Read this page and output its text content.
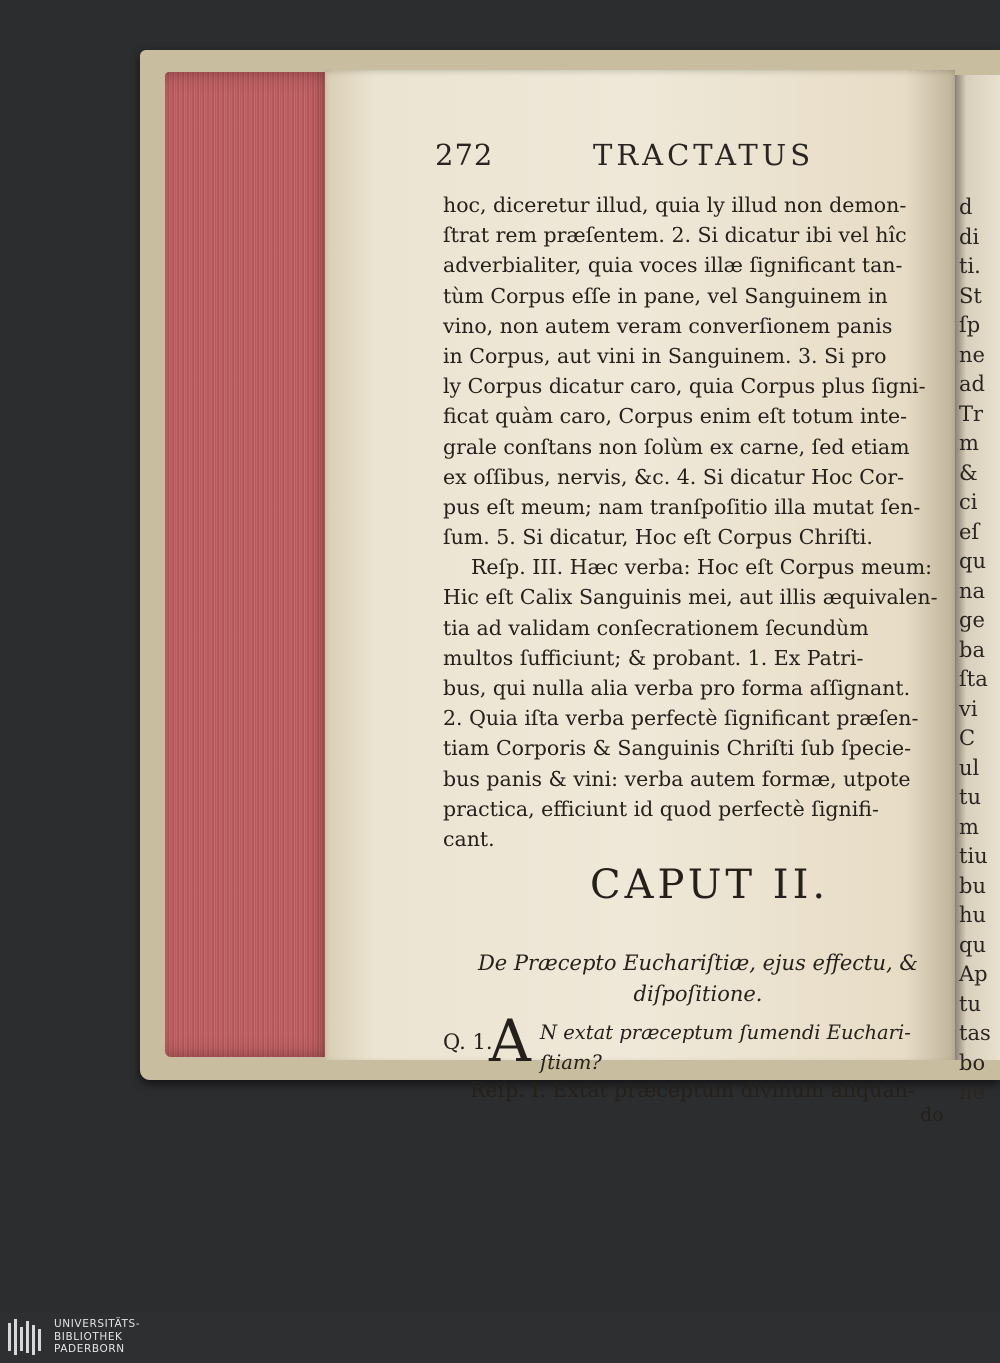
d
di
ti.
St
ſp
ne
ad
Tr
m
&
ci
eſ
qu
na
ge
ba
ſta
vi
C
ul
tu
m
tiu
bu
hu
qu
Ap
tu
tas
bo
ne
272	TRACTATUS
hoc, diceretur illud, quia ly illud non demon-
ſtrat rem præſentem. 2. Si dicatur ibi vel hîc
adverbialiter, quia voces illæ ſignificant tan-
tùm Corpus eſſe in pane, vel Sanguinem in
vino, non autem veram converſionem panis
in Corpus, aut vini in Sanguinem. 3. Si pro
ly Corpus dicatur caro, quia Corpus plus ſigni-
ficat quàm caro, Corpus enim eſt totum inte-
grale conſtans non ſolùm ex carne, ſed etiam
ex oſſibus, nervis, &c. 4. Si dicatur Hoc Cor-
pus eſt meum; nam tranſpoſitio illa mutat ſen-
ſum. 5. Si dicatur, Hoc eſt Corpus Chriſti.
Reſp. III. Hæc verba: Hoc eſt Corpus meum:
Hic eſt Calix Sanguinis mei, aut illis æquivalen-
tia ad validam conſecrationem ſecundùm
multos ſufficiunt; & probant. 1. Ex Patri-
bus, qui nulla alia verba pro forma aſſignant.
2. Quia iſta verba perfectè ſignificant præſen-
tiam Corporis & Sanguinis Chriſti ſub ſpecie-
bus panis & vini: verba autem formæ, utpote
practica, efficiunt id quod perfectè ſignifi-
cant.
CAPUT II.
De Præcepto Euchariſtiæ, ejus effectu, &
diſpoſitione.
Q. 1.
A N extat præceptum ſumendi Euchari-
ſtiam?
Reſp. I. Extat præceptum divinum aliquan-
do
UNIVERSITÄTS-
BIBLIOTHEK
PADERBORN
